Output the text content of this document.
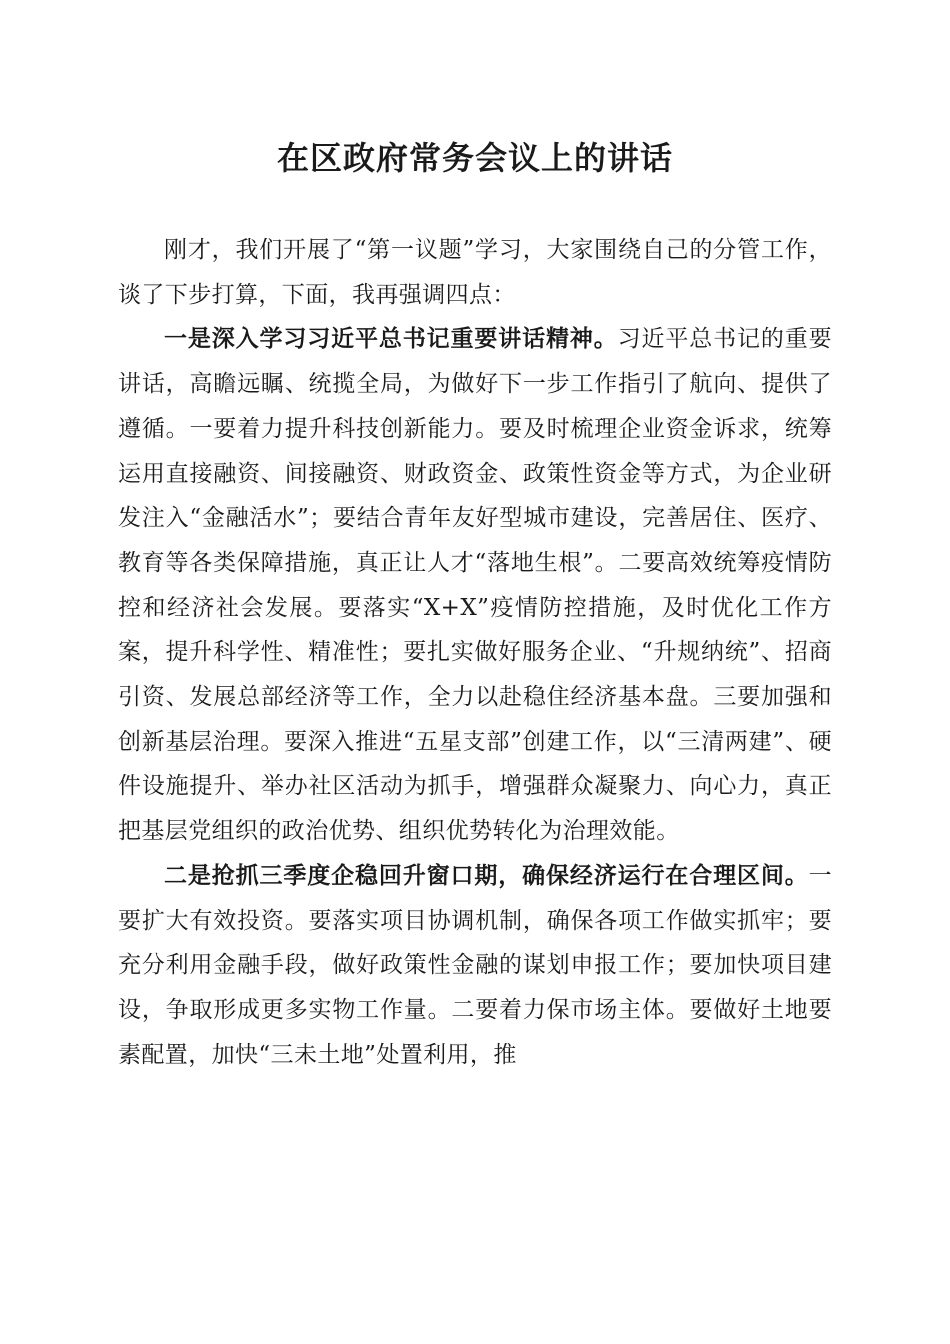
在区政府常务会议上的讲话

刚才，我们开展了“第一议题”学习，大家围绕自己的分管工作，谈了下步打算，下面，我再强调四点：

一是深入学习习近平总书记重要讲话精神。习近平总书记的重要讲话，高瞻远瞩、统揽全局，为做好下一步工作指引了航向、提供了遵循。一要着力提升科技创新能力。要及时梳理企业资金诉求，统筹运用直接融资、间接融资、财政资金、政策性资金等方式，为企业研发注入“金融活水”；要结合青年友好型城市建设，完善居住、医疗、教育等各类保障措施，真正让人才“落地生根”。二要高效统筹疫情防控和经济社会发展。要落实“X+X”疫情防控措施，及时优化工作方案，提升科学性、精准性；要扎实做好服务企业、“升规纳统”、招商引资、发展总部经济等工作，全力以赴稳住经济基本盘。三要加强和创新基层治理。要深入推进“五星支部”创建工作，以“三清两建”、硬件设施提升、举办社区活动为抓手，增强群众凝聚力、向心力，真正把基层党组织的政治优势、组织优势转化为治理效能。

二是抢抓三季度企稳回升窗口期，确保经济运行在合理区间。一要扩大有效投资。要落实项目协调机制，确保各项工作做实抓牢；要充分利用金融手段，做好政策性金融的谋划申报工作；要加快项目建设，争取形成更多实物工作量。二要着力保市场主体。要做好土地要素配置，加快“三未土地”处置利用，推
